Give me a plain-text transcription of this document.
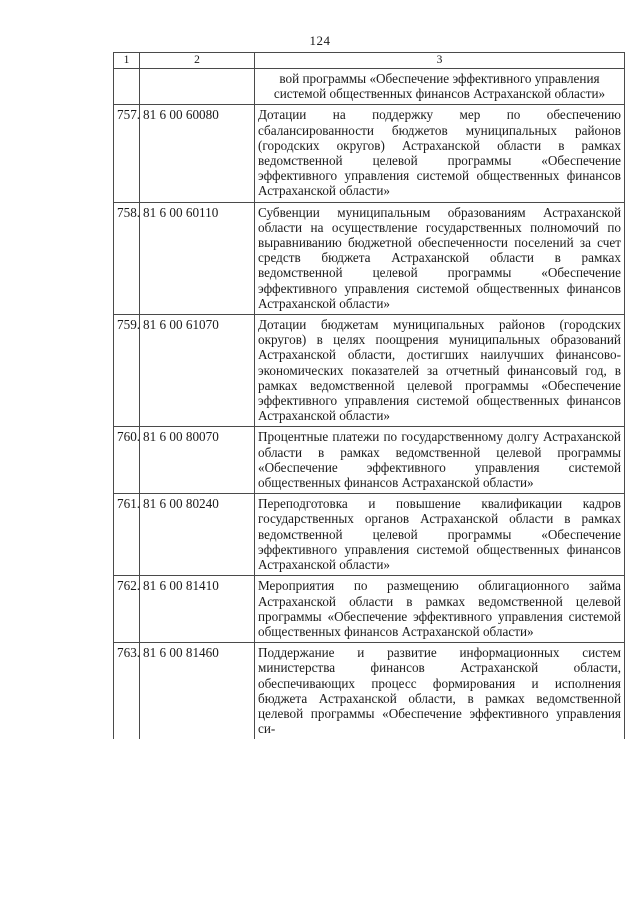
124
1	2	3
		вой программы «Обеспечение эффективного управления системой общественных финансов Астраханской области»
757.	81 6 00 60080	Дотации на поддержку мер по обеспечению сбалансированности бюджетов муниципальных районов (городских округов) Астраханской области в рамках ведомственной целевой программы «Обеспечение эффективного управления системой общественных финансов Астраханской области»
758.	81 6 00 60110	Субвенции муниципальным образованиям Астраханской области на осуществление государственных полномочий по выравниванию бюджетной обеспеченности поселений за счет средств бюджета Астраханской области в рамках ведомственной целевой программы «Обеспечение эффективного управления системой общественных финансов Астраханской области»
759.	81 6 00 61070	Дотации бюджетам муниципальных районов (городских округов) в целях поощрения муниципальных образований Астраханской области, достигших наилучших финансово-экономических показателей за отчетный финансовый год, в рамках ведомственной целевой программы «Обеспечение эффективного управления системой общественных финансов Астраханской области»
760.	81 6 00 80070	Процентные платежи по государственному долгу Астраханской области в рамках ведомственной целевой программы «Обеспечение эффективного управления системой общественных финансов Астраханской области»
761.	81 6 00 80240	Переподготовка и повышение квалификации кадров государственных органов Астраханской области в рамках ведомственной целевой программы «Обеспечение эффективного управления системой общественных финансов Астраханской области»
762.	81 6 00 81410	Мероприятия по размещению облигационного займа Астраханской области в рамках ведомственной целевой программы «Обеспечение эффективного управления системой общественных финансов Астраханской области»
763.	81 6 00 81460	Поддержание и развитие информационных систем министерства финансов Астраханской области, обеспечивающих процесс формирования и исполнения бюджета Астраханской области, в рамках ведомственной целевой программы «Обеспечение эффективного управления си-
